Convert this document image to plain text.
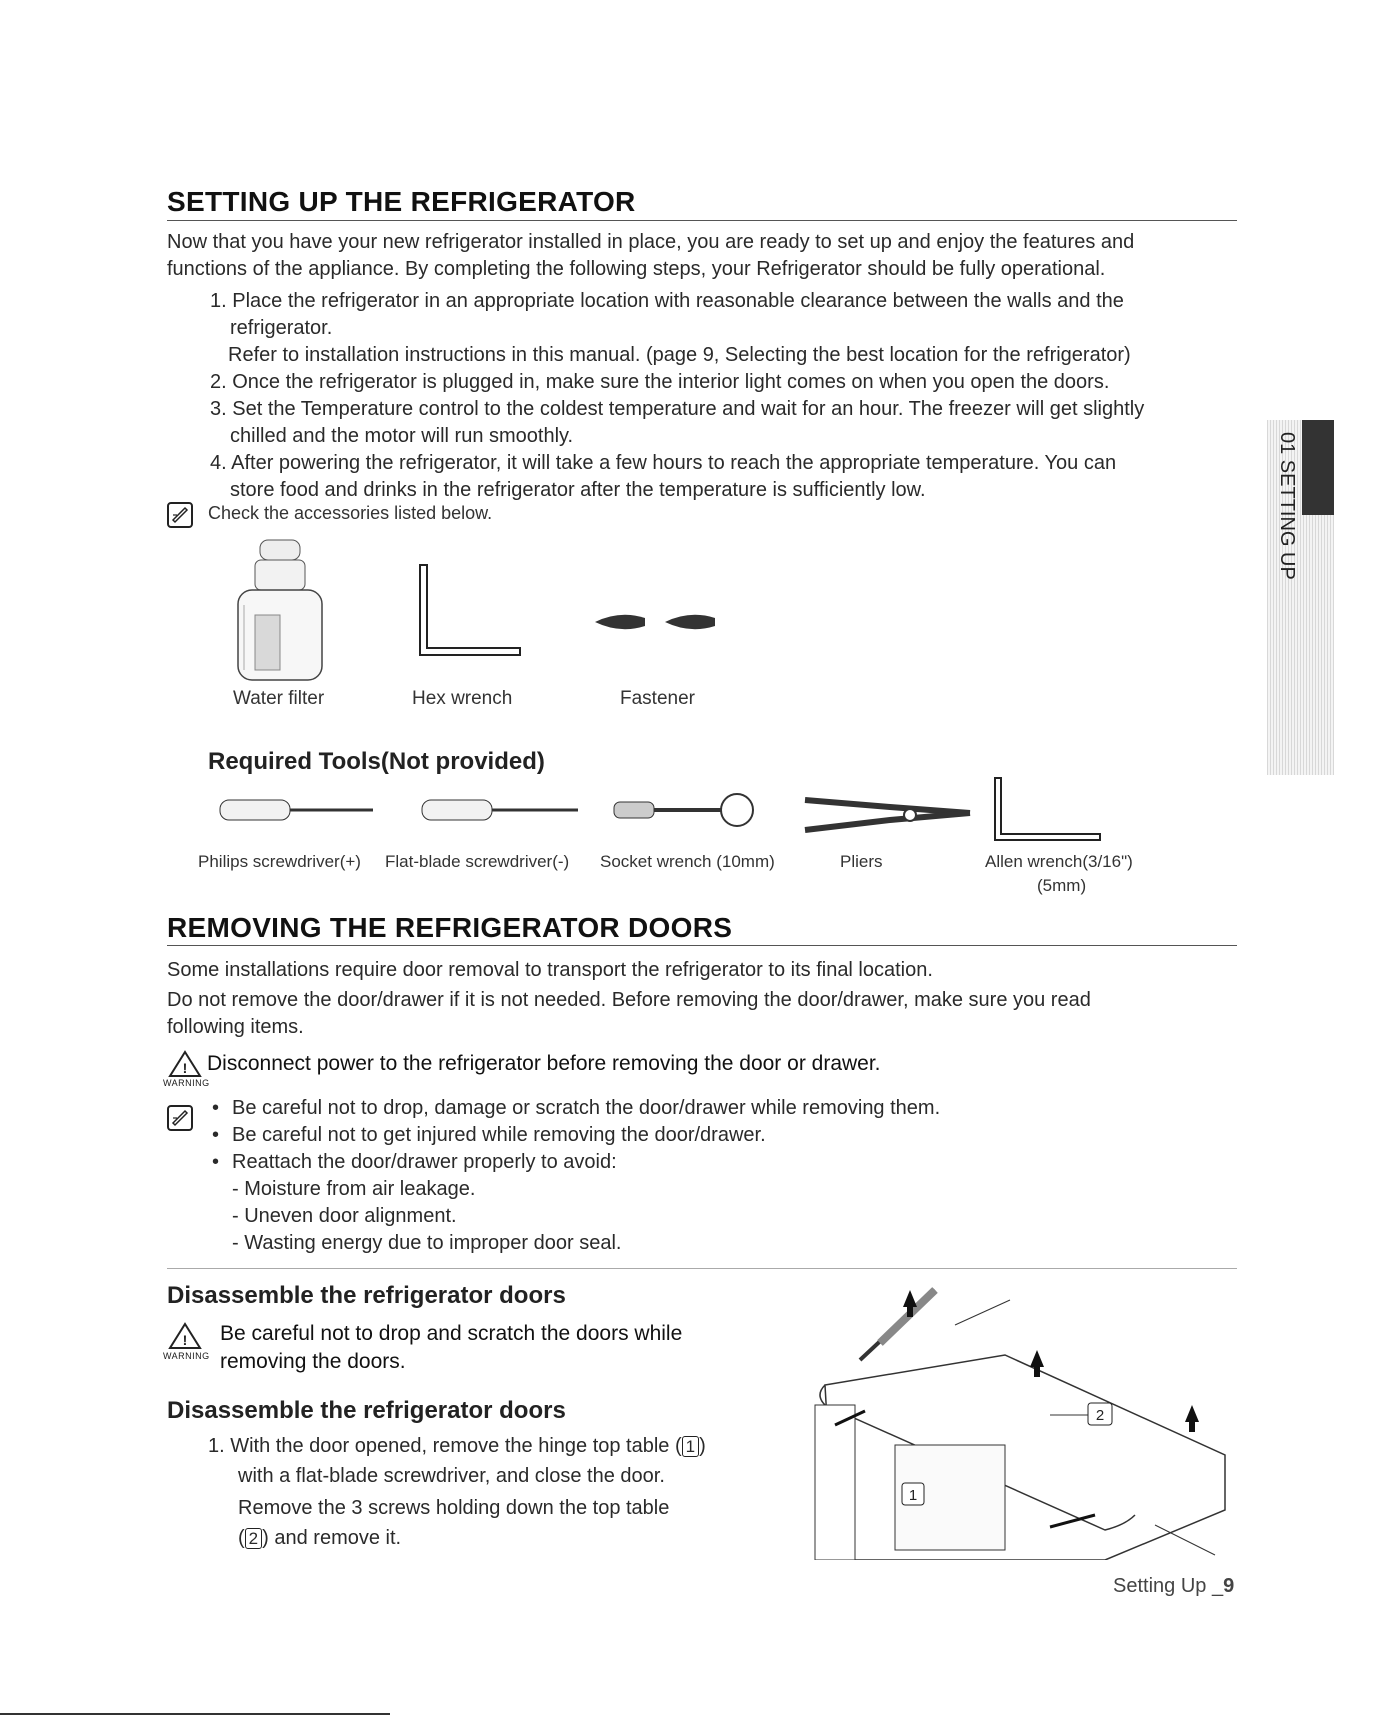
01 SETTING UP
SETTING UP THE REFRIGERATOR
Now that you have your new refrigerator installed in place, you are ready to set up and enjoy the features and
functions of the appliance. By completing the following steps, your Refrigerator should be fully operational.
1. Place the refrigerator in an appropriate location with reasonable clearance between the walls and the
refrigerator.
Refer to installation instructions in this manual. (page 9, Selecting the best location for the refrigerator)
2. Once the refrigerator is plugged in, make sure the interior light comes on when you open the doors.
3. Set the Temperature control to the coldest temperature and wait for an hour. The freezer will get slightly
chilled and the motor will run smoothly.
4. After powering the refrigerator, it will take a few hours to reach the appropriate temperature. You can
store food and drinks in the refrigerator after the temperature is sufficiently low.
Check the accessories listed below.
Water filter	Hex wrench	Fastener
Required Tools(Not provided)
Philips screwdriver(+) Flat-blade screwdriver(-) Socket wrench (10mm)	Pliers	Allen wrench(3/16")
(5mm)
REMOVING THE REFRIGERATOR DOORS
Some installations require door removal to transport the refrigerator to its final location.
Do not remove the door/drawer if it is not needed. Before removing the door/drawer, make sure you read
following items.
!
WARNING
Disconnect power to the refrigerator before removing the door or drawer.
• Be careful not to drop, damage or scratch the door/drawer while removing them.
• Be careful not to get injured while removing the door/drawer.
• Reattach the door/drawer properly to avoid:
- Moisture from air leakage.
- Uneven door alignment.
- Wasting energy due to improper door seal.
Disassemble the refrigerator doors
!
WARNING
Be careful not to drop and scratch the doors while
removing the doors.
Disassemble the refrigerator doors
1. With the door opened, remove the hinge top table ( 1 )
with a flat-blade screwdriver, and close the door.
Remove the 3 screws holding down the top table
( 2 ) and remove it.
2
1
Setting Up _9
